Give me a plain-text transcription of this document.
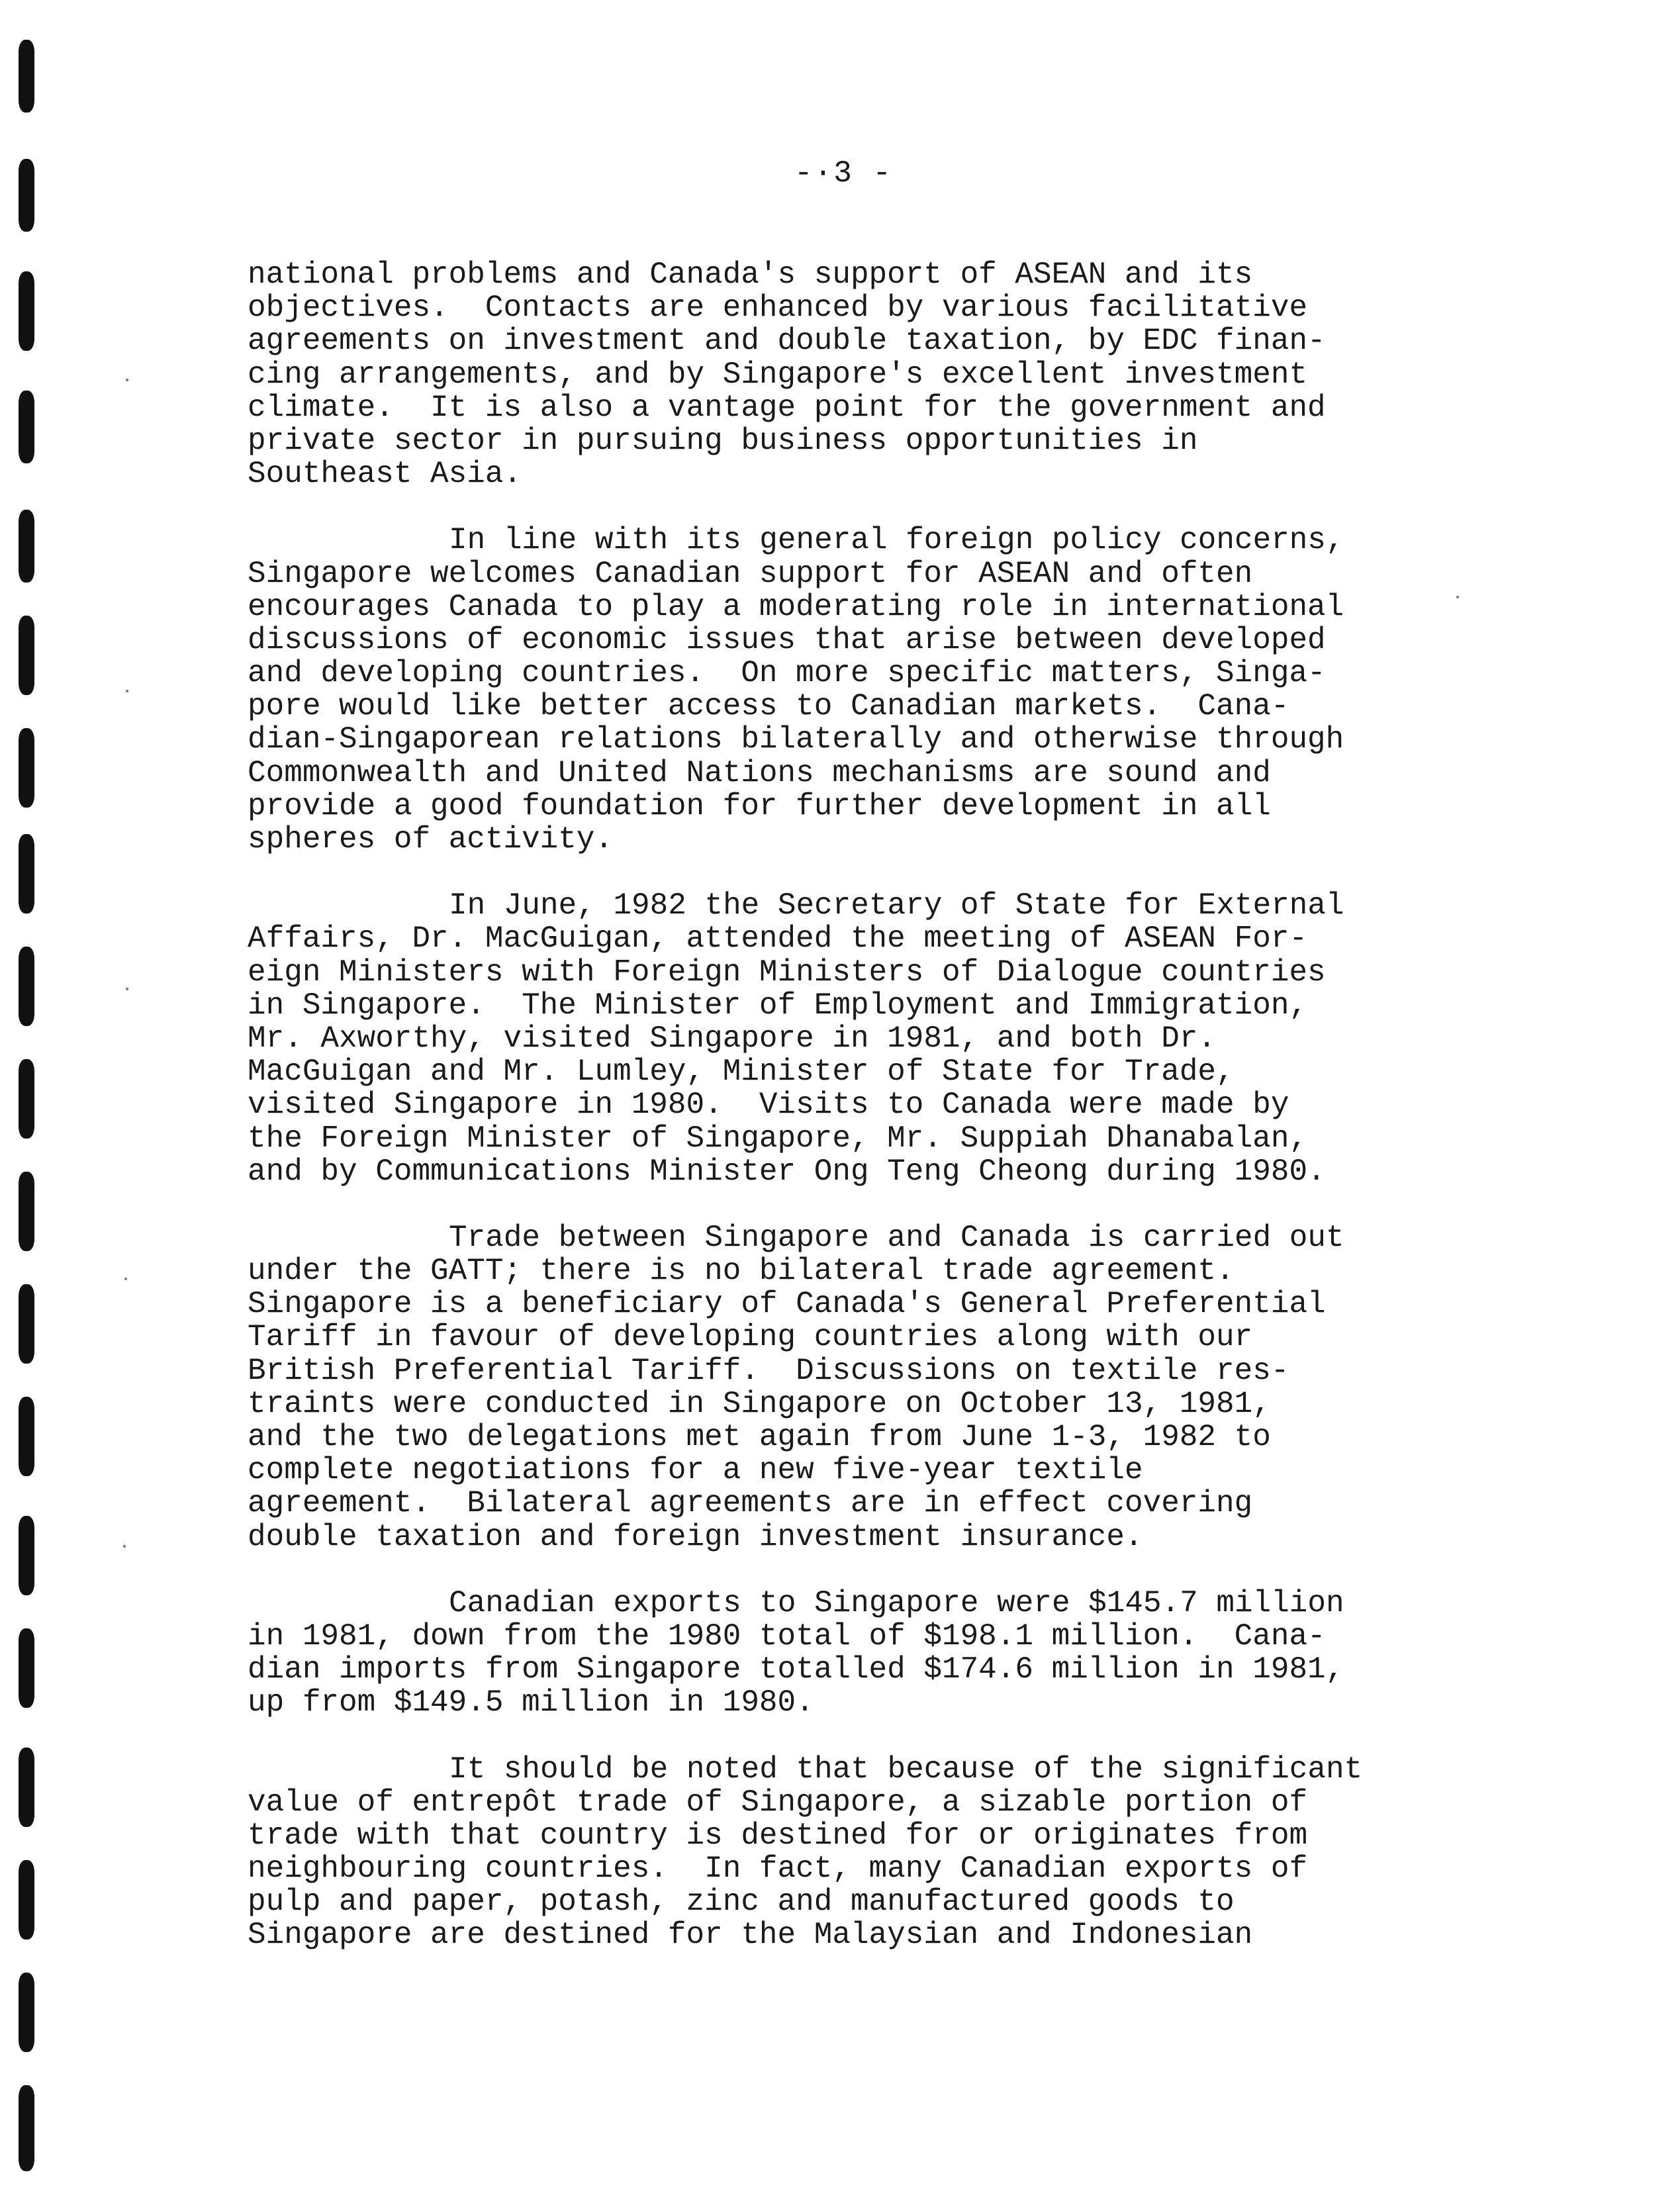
-·3 -
national problems and Canada's support of ASEAN and its
objectives.  Contacts are enhanced by various facilitative
agreements on investment and double taxation, by EDC finan-
cing arrangements, and by Singapore's excellent investment
climate.  It is also a vantage point for the government and
private sector in pursuing business opportunities in
Southeast Asia.
In line with its general foreign policy concerns,
Singapore welcomes Canadian support for ASEAN and often
encourages Canada to play a moderating role in international
discussions of economic issues that arise between developed
and developing countries.  On more specific matters, Singa-
pore would like better access to Canadian markets.  Cana-
dian-Singaporean relations bilaterally and otherwise through
Commonwealth and United Nations mechanisms are sound and
provide a good foundation for further development in all
spheres of activity.
In June, 1982 the Secretary of State for External
Affairs, Dr. MacGuigan, attended the meeting of ASEAN For-
eign Ministers with Foreign Ministers of Dialogue countries
in Singapore.  The Minister of Employment and Immigration,
Mr. Axworthy, visited Singapore in 1981, and both Dr.
MacGuigan and Mr. Lumley, Minister of State for Trade,
visited Singapore in 1980.  Visits to Canada were made by
the Foreign Minister of Singapore, Mr. Suppiah Dhanabalan,
and by Communications Minister Ong Teng Cheong during 1980.
Trade between Singapore and Canada is carried out
under the GATT; there is no bilateral trade agreement.
Singapore is a beneficiary of Canada's General Preferential
Tariff in favour of developing countries along with our
British Preferential Tariff.  Discussions on textile res-
traints were conducted in Singapore on October 13, 1981,
and the two delegations met again from June 1-3, 1982 to
complete negotiations for a new five-year textile
agreement.  Bilateral agreements are in effect covering
double taxation and foreign investment insurance.
Canadian exports to Singapore were $145.7 million
in 1981, down from the 1980 total of $198.1 million.  Cana-
dian imports from Singapore totalled $174.6 million in 1981,
up from $149.5 million in 1980.
It should be noted that because of the significant
value of entrepôt trade of Singapore, a sizable portion of
trade with that country is destined for or originates from
neighbouring countries.  In fact, many Canadian exports of
pulp and paper, potash, zinc and manufactured goods to
Singapore are destined for the Malaysian and Indonesian
